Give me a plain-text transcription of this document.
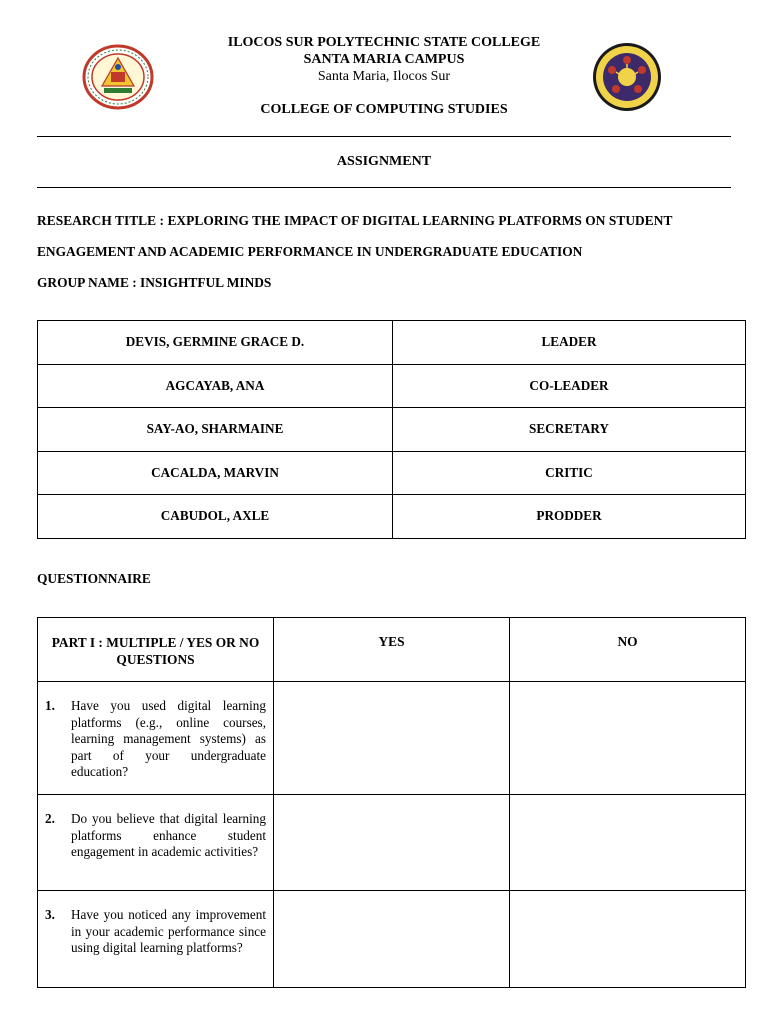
ILOCOS SUR POLYTECHNIC STATE COLLEGE
SANTA MARIA CAMPUS
Santa Maria, Ilocos Sur
COLLEGE OF COMPUTING STUDIES
ASSIGNMENT
RESEARCH TITLE : EXPLORING THE IMPACT OF DIGITAL LEARNING PLATFORMS ON STUDENT
ENGAGEMENT AND ACADEMIC PERFORMANCE IN UNDERGRADUATE EDUCATION
GROUP NAME : INSIGHTFUL MINDS
DEVIS, GERMINE GRACE D.	LEADER
AGCAYAB, ANA	CO-LEADER
SAY-AO, SHARMAINE	SECRETARY
CACALDA, MARVIN	CRITIC
CABUDOL, AXLE	PRODDER
QUESTIONNAIRE
PART I : MULTIPLE / YES OR NO QUESTIONS	YES	NO

1. Have you used digital learning platforms (e.g., online courses, learning management systems) as part of your undergraduate education?		

2. Do you believe that digital learning platforms enhance student engagement in academic activities?		

3. Have you noticed any improvement in your academic performance since using digital learning platforms?		
